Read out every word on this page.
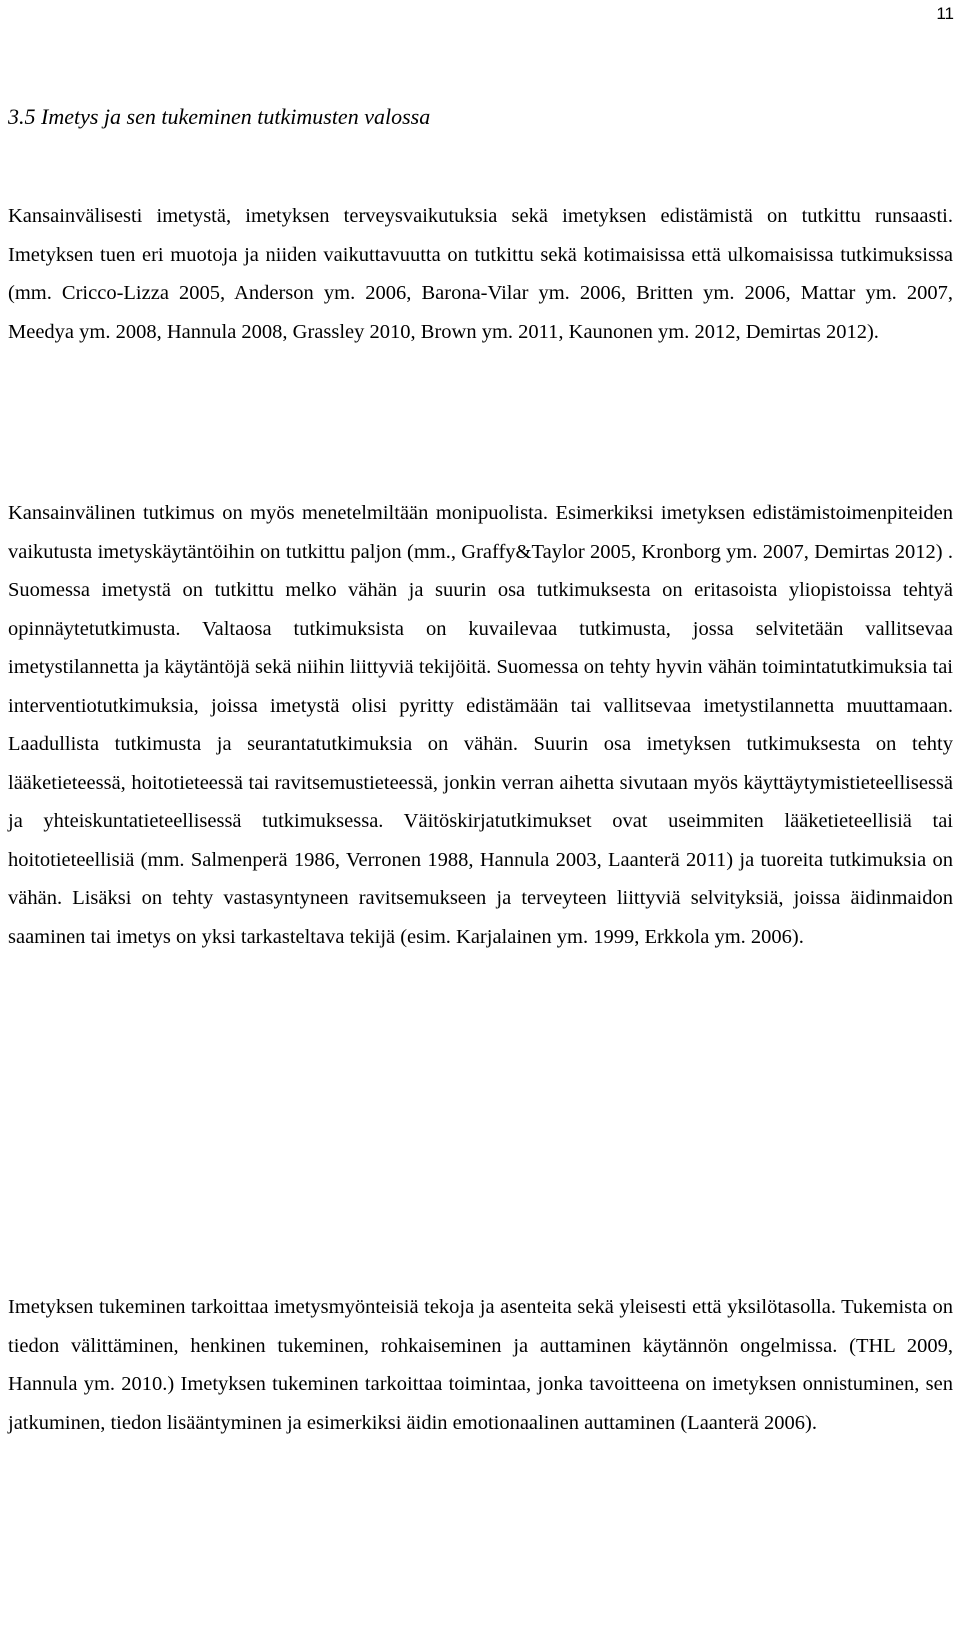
11
3.5 Imetys ja sen tukeminen tutkimusten valossa

Kansainvälisesti imetystä, imetyksen terveysvaikutuksia sekä imetyksen edistämistä on tutkittu runsaasti. Imetyksen tuen eri muotoja ja niiden vaikuttavuutta on tutkittu sekä kotimaisissa että ulkomaisissa tutkimuksissa (mm. Cricco-Lizza 2005, Anderson ym. 2006, Barona-Vilar ym. 2006, Britten ym. 2006, Mattar ym. 2007, Meedya ym. 2008, Hannula 2008, Grassley 2010, Brown ym. 2011, Kaunonen ym. 2012, Demirtas 2012).

Kansainvälinen tutkimus on myös menetelmiltään monipuolista. Esimerkiksi imetyksen edistämistoimenpiteiden vaikutusta imetyskäytäntöihin on tutkittu paljon (mm., Graffy&Taylor 2005, Kronborg ym. 2007, Demirtas 2012) . Suomessa imetystä on tutkittu melko vähän ja suurin osa tutkimuksesta on eritasoista yliopistoissa tehtyä opinnäytetutkimusta. Valtaosa tutkimuksista on kuvailevaa tutkimusta, jossa selvitetään vallitsevaa imetystilannetta ja käytäntöjä sekä niihin liittyviä tekijöitä. Suomessa on tehty hyvin vähän toimintatutkimuksia tai interventiotutkimuksia, joissa imetystä olisi pyritty edistämään tai vallitsevaa imetystilannetta muuttamaan. Laadullista tutkimusta ja seurantatutkimuksia on vähän. Suurin osa imetyksen tutkimuksesta on tehty lääketieteessä, hoitotieteessä tai ravitsemustieteessä, jonkin verran aihetta sivutaan myös käyttäytymistieteellisessä ja yhteiskuntatieteellisessä tutkimuksessa. Väitöskirjatutkimukset ovat useimmiten lääketieteellisiä tai hoitotieteellisiä (mm. Salmenperä 1986, Verronen 1988, Hannula 2003, Laanterä 2011) ja tuoreita tutkimuksia on vähän. Lisäksi on tehty vastasyntyneen ravitsemukseen ja terveyteen liittyviä selvityksiä, joissa äidinmaidon saaminen tai imetys on yksi tarkasteltava tekijä (esim. Karjalainen ym. 1999, Erkkola ym. 2006).

Imetyksen tukeminen tarkoittaa imetysmyönteisiä tekoja ja asenteita sekä yleisesti että yksilötasolla. Tukemista on tiedon välittäminen, henkinen tukeminen, rohkaiseminen ja auttaminen käytännön ongelmissa. (THL 2009, Hannula ym. 2010.) Imetyksen tukeminen tarkoittaa toimintaa, jonka tavoitteena on imetyksen onnistuminen, sen jatkuminen, tiedon lisääntyminen ja esimerkiksi äidin emotionaalinen auttaminen (Laanterä 2006).
